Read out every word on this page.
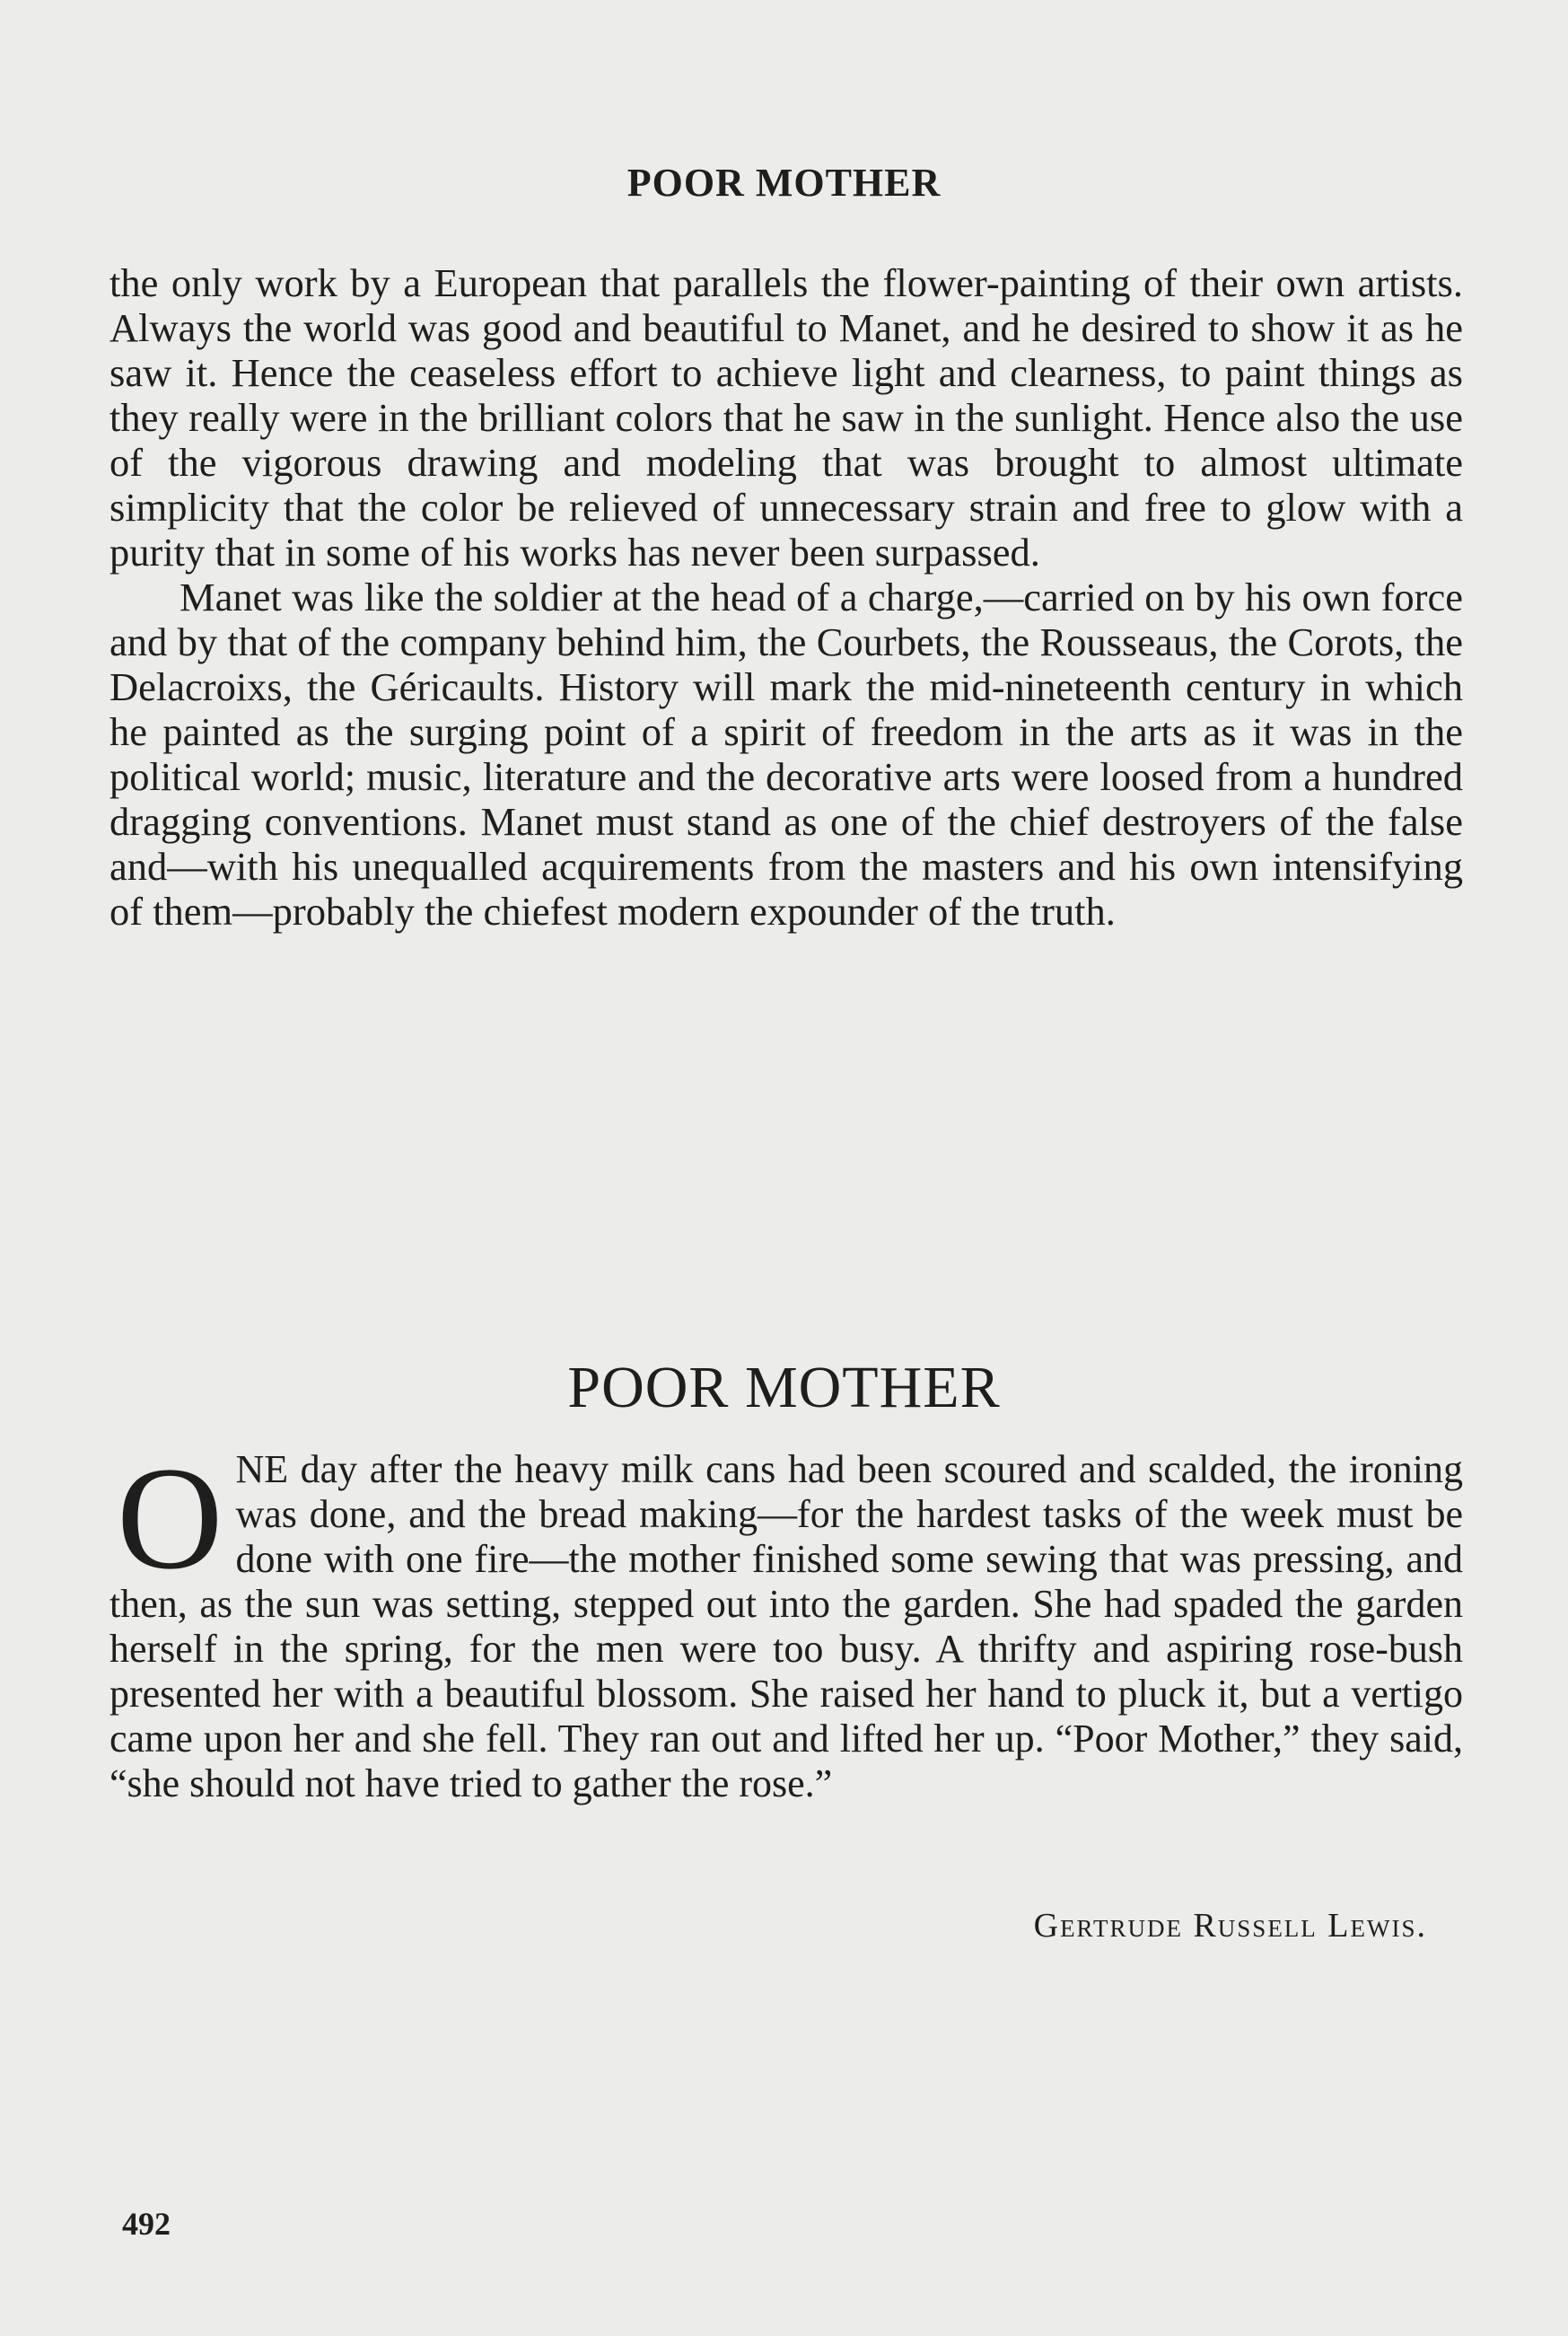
POOR MOTHER

the only work by a European that parallels the flower-painting of their own artists. Always the world was good and beautiful to Manet, and he desired to show it as he saw it. Hence the ceaseless effort to achieve light and clearness, to paint things as they really were in the brilliant colors that he saw in the sunlight. Hence also the use of the vigorous drawing and modeling that was brought to almost ultimate simplicity that the color be relieved of unnecessary strain and free to glow with a purity that in some of his works has never been surpassed.

Manet was like the soldier at the head of a charge,—carried on by his own force and by that of the company behind him, the Courbets, the Rousseaus, the Corots, the Delacroixs, the Géricaults. History will mark the mid-nineteenth century in which he painted as the surging point of a spirit of freedom in the arts as it was in the political world; music, literature and the decorative arts were loosed from a hundred dragging conventions. Manet must stand as one of the chief destroyers of the false and—with his unequalled acquirements from the masters and his own intensifying of them—probably the chiefest modern expounder of the truth.

POOR MOTHER
O NE day after the heavy milk cans had been scoured and scalded, the ironing was done, and the bread making—for the hardest tasks of the week must be done with one fire—the mother finished some sewing that was pressing, and then, as the sun was setting, stepped out into the garden. She had spaded the garden herself in the spring, for the men were too busy. A thrifty and aspiring rose-bush presented her with a beautiful blossom. She raised her hand to pluck it, but a vertigo came upon her and she fell. They ran out and lifted her up. “Poor Mother,” they said, “she should not have tried to gather the rose.”

Gertrude Russell Lewis.
492
